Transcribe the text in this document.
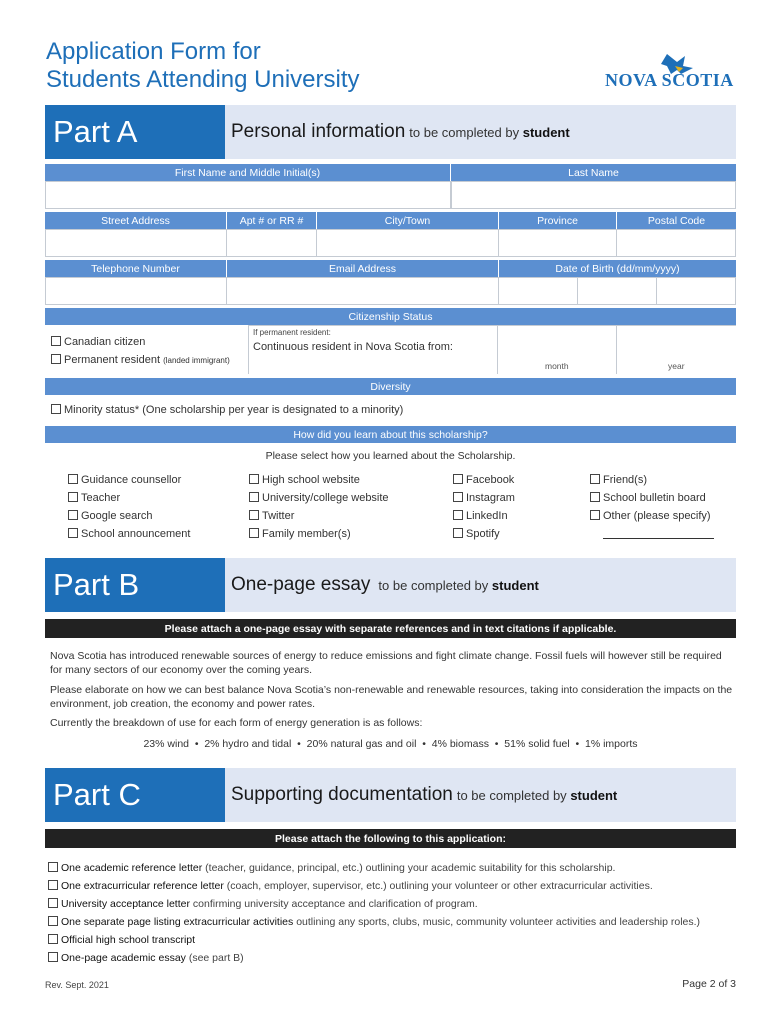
Application Form for
Students Attending University	NOVA SCOTIA
Part A	Personal information to be completed by student
First Name and Middle Initial(s)	Last Name
Street Address	Apt # or RR #	City/Town	Province	Postal Code
Telephone Number	Email Address	Date of Birth (dd/mm/yyyy)
Citizenship Status
Canadian citizen
Permanent resident (landed immigrant)
If permanent resident:
Continuous resident in Nova Scotia from:
month	year
Diversity
Minority status* (One scholarship per year is designated to a minority)
How did you learn about this scholarship?
Please select how you learned about the Scholarship.
Guidance counsellor
Teacher
Google search
School announcement
High school website
University/college website
Twitter
Family member(s)
Facebook
Instagram
LinkedIn
Spotify
Friend(s)
School bulletin board
Other (please specify)
Part B	One-page essay to be completed by student
Please attach a one-page essay with separate references and in text citations if applicable.
Nova Scotia has introduced renewable sources of energy to reduce emissions and fight climate change. Fossil fuels will however still be required for many sectors of our economy over the coming years.
Please elaborate on how we can best balance Nova Scotia’s non-renewable and renewable resources, taking into consideration the impacts on the environment, job creation, the economy and power rates.
Currently the breakdown of use for each form of energy generation is as follows:
23% wind  •  2% hydro and tidal  •  20% natural gas and oil  •  4% biomass  •  51% solid fuel  •  1% imports
Part C	Supporting documentation to be completed by student
Please attach the following to this application:
One academic reference letter (teacher, guidance, principal, etc.) outlining your academic suitability for this scholarship.
One extracurricular reference letter (coach, employer, supervisor, etc.) outlining your volunteer or other extracurricular activities.
University acceptance letter confirming university acceptance and clarification of program.
One separate page listing extracurricular activities outlining any sports, clubs, music, community volunteer activities and leadership roles.)
Official high school transcript
One-page academic essay (see part B)
Rev. Sept. 2021	Page 2 of 3
